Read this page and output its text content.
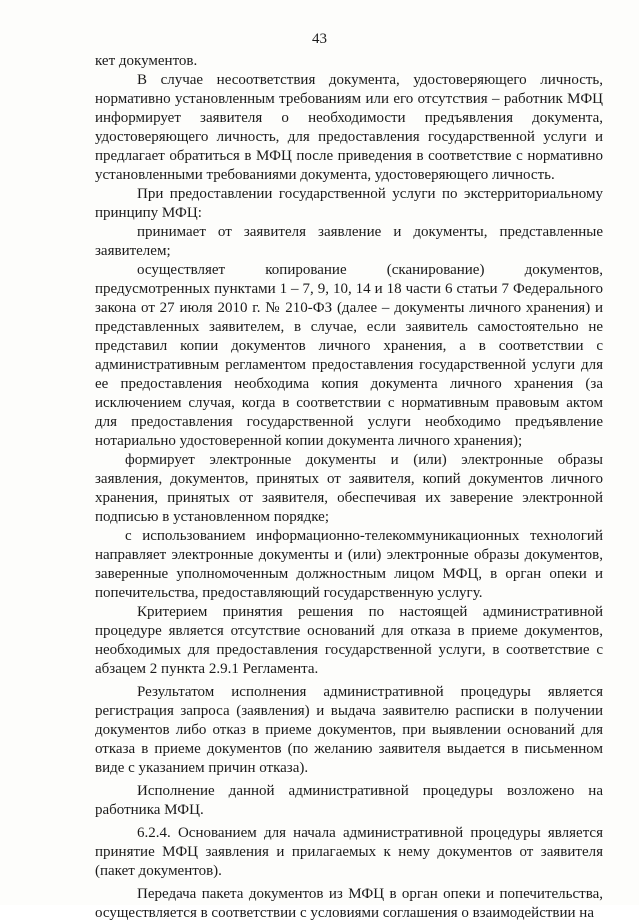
43

кет документов.

В случае несоответствия документа, удостоверяющего личность, нормативно установленным требованиям или его отсутствия – работник МФЦ информирует заявителя о необходимости предъявления документа, удостоверяющего личность, для предоставления государственной услуги и предлагает обратиться в МФЦ после приведения в соответствие с нормативно установленными требованиями документа, удостоверяющего личность.

При предоставлении государственной услуги по экстерриториальному принципу МФЦ:

принимает от заявителя заявление и документы, представленные заявителем;

осуществляет копирование (сканирование) документов, предусмотренных пунктами 1 – 7, 9, 10, 14 и 18 части 6 статьи 7 Федерального закона от 27 июля 2010 г. № 210-ФЗ (далее – документы личного хранения) и представленных заявителем, в случае, если заявитель самостоятельно не представил копии документов личного хранения, а в соответствии с административным регламентом предоставления государственной услуги для ее предоставления необходима копия документа личного хранения (за исключением случая, когда в соответствии с нормативным правовым актом для предоставления государственной услуги необходимо предъявление нотариально удостоверенной копии документа личного хранения);

формирует электронные документы и (или) электронные образы заявления, документов, принятых от заявителя, копий документов личного хранения, принятых от заявителя, обеспечивая их заверение электронной подписью в установленном порядке;

с использованием информационно-телекоммуникационных технологий направляет электронные документы и (или) электронные образы документов, заверенные уполномоченным должностным лицом МФЦ, в орган опеки и попечительства, предоставляющий государственную услугу.

Критерием принятия решения по настоящей административной процедуре является отсутствие оснований для отказа в приеме документов, необходимых для предоставления государственной услуги, в соответствие с абзацем 2 пункта 2.9.1 Регламента.

Результатом исполнения административной процедуры является регистрация запроса (заявления) и выдача заявителю расписки в получении документов либо отказ в приеме документов, при выявлении оснований для отказа в приеме документов (по желанию заявителя выдается в письменном виде с указанием причин отказа).

Исполнение данной административной процедуры возложено на работника МФЦ.

6.2.4. Основанием для начала административной процедуры является принятие МФЦ заявления и прилагаемых к нему документов от заявителя (пакет документов).

Передача пакета документов из МФЦ в орган опеки и попечительства, осуществляется в соответствии с условиями соглашения о взаимодействии на
